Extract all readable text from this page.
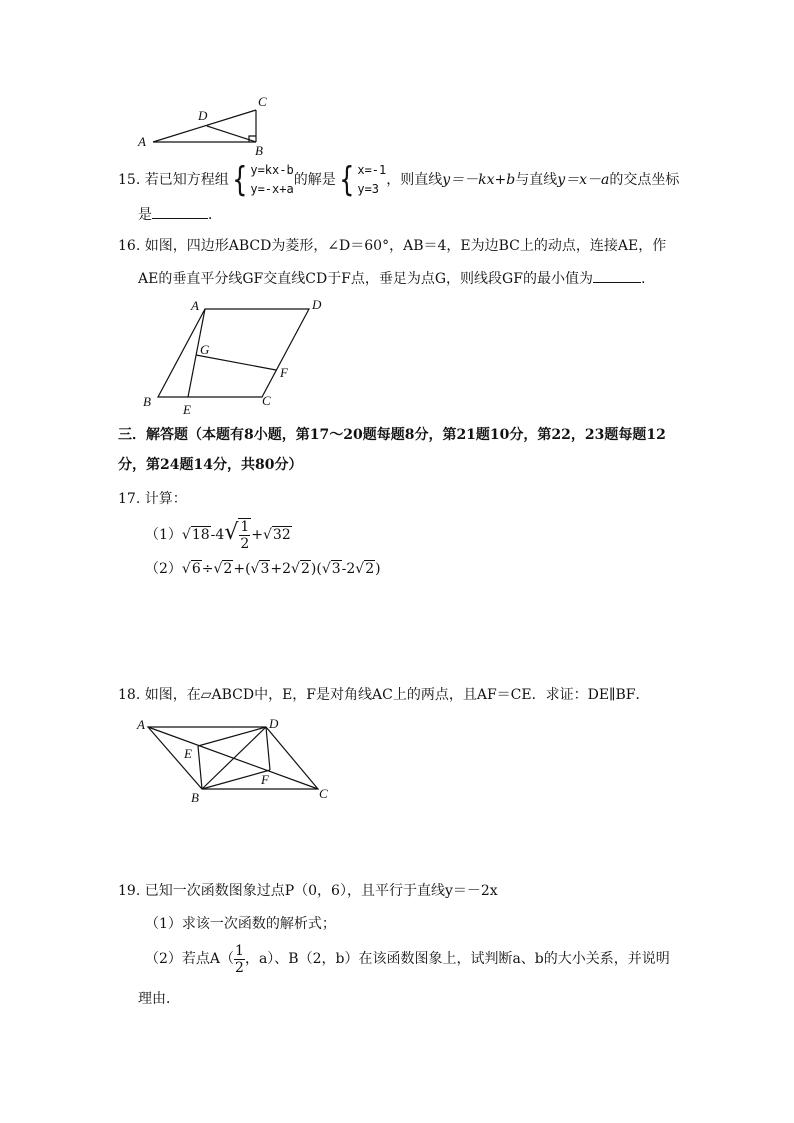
A
B
C
D
15. 若已知方程组{ y=kx-b
y=-x+a
的解是{ x=-1
y=3
，则直线y＝－kx+b与直线y＝x－a的交点坐标
是	．
16. 如图，四边形ABCD为菱形，∠D＝60°，AB＝4，E为边BC上的动点，连接AE，作
AE的垂直平分线GF交直线CD于F点，垂足为点G，则线段GF的最小值为	.
A	D
B
E
C
G
F
三．解答题（本题有8小题，第17～20题每题8分，第21题10分，第22，23题每题12
分，第24题14分，共80分）
17. 计算：
$(1)√18-4√ \frac{1}{2} +√32$
（2）√6÷√2+(√3+2√2)(√3-2√2)
18. 如图，在▱ABCD中，E，F是对角线AC上的两点，且AF＝CE．求证：DE∥BF．
A	D
E
F
B	C
19. 已知一次函数图象过点P（0，6），且平行于直线y＝－2x
（1）求该一次函数的解析式；
（2）若点$A( \frac{1}{2}$ ，a）、B（2，b）在该函数图象上，试判断a、b的大小关系，并说明
理由．
